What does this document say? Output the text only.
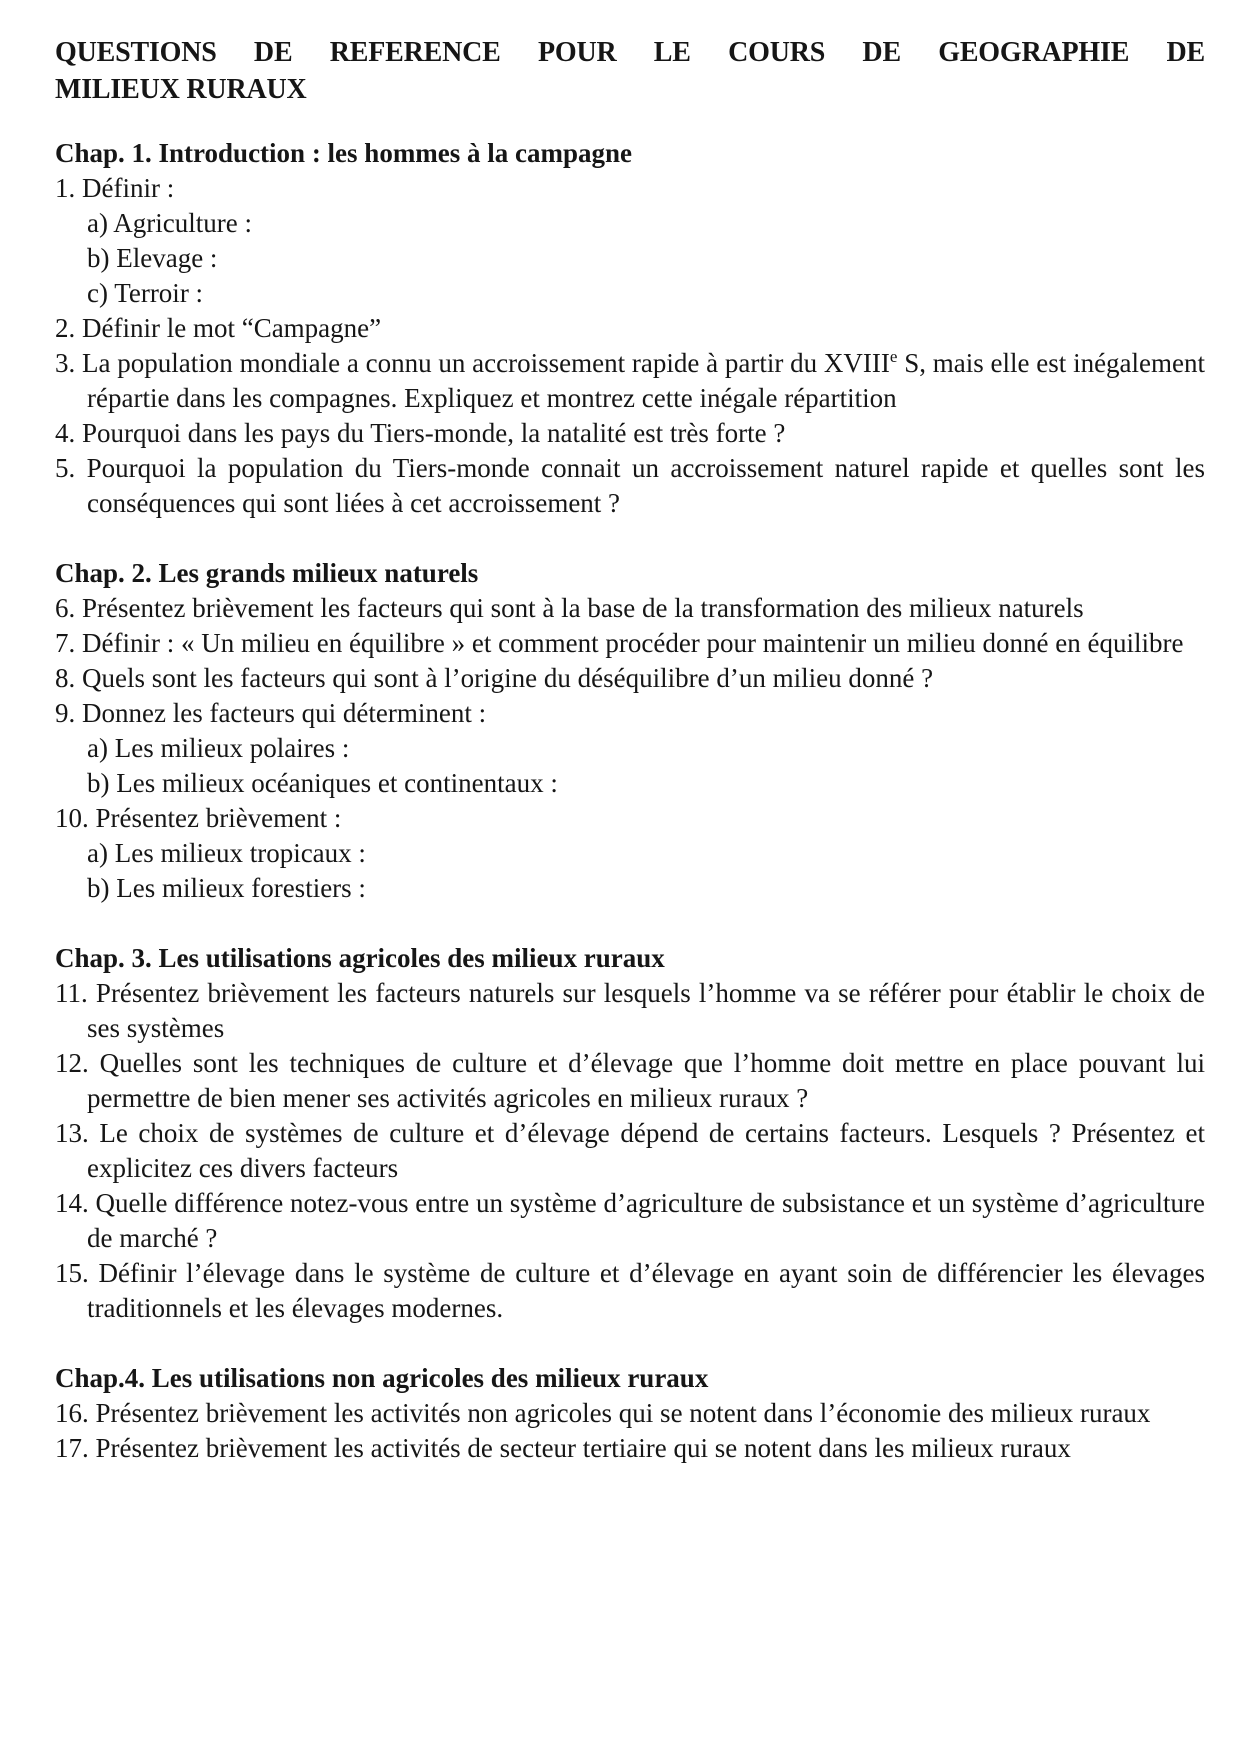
QUESTIONS DE REFERENCE POUR LE COURS DE GEOGRAPHIE DE
MILIEUX RURAUX
Chap. 1. Introduction : les hommes à la campagne
1. Définir :
a) Agriculture :
b) Elevage :
c) Terroir :
2. Définir le mot “Campagne”
3. La population mondiale a connu un accroissement rapide à partir du XVIIIe S, mais elle est inégalement répartie dans les compagnes. Expliquez et montrez cette inégale répartition
4. Pourquoi dans les pays du Tiers-monde, la natalité est très forte ?
5. Pourquoi la population du Tiers-monde connait un accroissement naturel rapide et quelles sont les conséquences qui sont liées à cet accroissement ?
Chap. 2. Les grands milieux naturels
6. Présentez brièvement les facteurs qui sont à la base de la transformation des milieux naturels
7. Définir : « Un milieu en équilibre » et comment procéder pour maintenir un milieu donné en équilibre
8. Quels sont les facteurs qui sont à l’origine du déséquilibre d’un milieu donné ?
9. Donnez les facteurs qui déterminent :
a) Les milieux polaires :
b) Les milieux océaniques et continentaux :
10. Présentez brièvement :
a) Les milieux tropicaux :
b) Les milieux forestiers :
Chap. 3. Les utilisations agricoles des milieux ruraux
11. Présentez brièvement les facteurs naturels sur lesquels l’homme va se référer pour établir le choix de ses systèmes
12. Quelles sont les techniques de culture et d’élevage que l’homme doit mettre en place pouvant lui permettre de bien mener ses activités agricoles en milieux ruraux ?
13. Le choix de systèmes de culture et d’élevage dépend de certains facteurs. Lesquels ? Présentez et explicitez ces divers facteurs
14. Quelle différence notez-vous entre un système d’agriculture de subsistance et un système d’agriculture de marché ?
15. Définir l’élevage dans le système de culture et d’élevage en ayant soin de différencier les élevages traditionnels et les élevages modernes.
Chap.4. Les utilisations non agricoles des milieux ruraux
16. Présentez brièvement les activités non agricoles qui se notent dans l’économie des milieux ruraux
17. Présentez brièvement les activités de secteur tertiaire qui se notent dans les milieux ruraux
